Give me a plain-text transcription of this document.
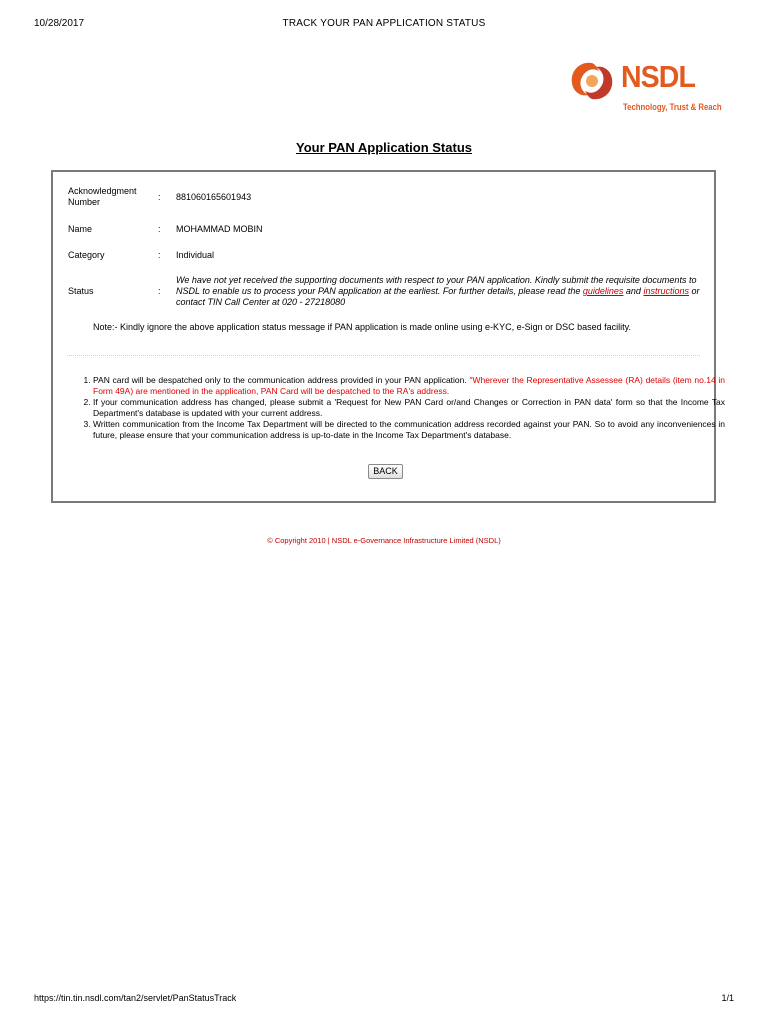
10/28/2017	TRACK YOUR PAN APPLICATION STATUS
NSDL
Technology, Trust & Reach
Your PAN Application Status
Acknowledgment Number	: 881060165601943
Name	: MOHAMMAD MOBIN
Category	: Individual
Status	:
We have not yet received the supporting documents with respect to your PAN application. Kindly submit the requisite documents to NSDL to enable us to process your PAN application at the earliest. For further details, please read the guidelines and instructions or contact TIN Call Center at 020 - 27218080
Note:- Kindly ignore the above application status message if PAN application is made online using e-KYC, e-Sign or DSC based facility.
1. PAN card will be despatched only to the communication address provided in your PAN application. "Wherever the Representative Assessee (RA) details (item no.14 in Form 49A) are mentioned in the application, PAN Card will be despatched to the RA's address.
2. If your communication address has changed, please submit a 'Request for New PAN Card or/and Changes or Correction in PAN data' form so that the Income Tax Department's database is updated with your current address.
3. Written communication from the Income Tax Department will be directed to the communication address recorded against your PAN. So to avoid any inconveniences in future, please ensure that your communication address is up-to-date in the Income Tax Department's database.
BACK
© Copyright 2010 | NSDL e-Governance Infrastructure Limited (NSDL)
https://tin.tin.nsdl.com/tan2/servlet/PanStatusTrack	1/1
